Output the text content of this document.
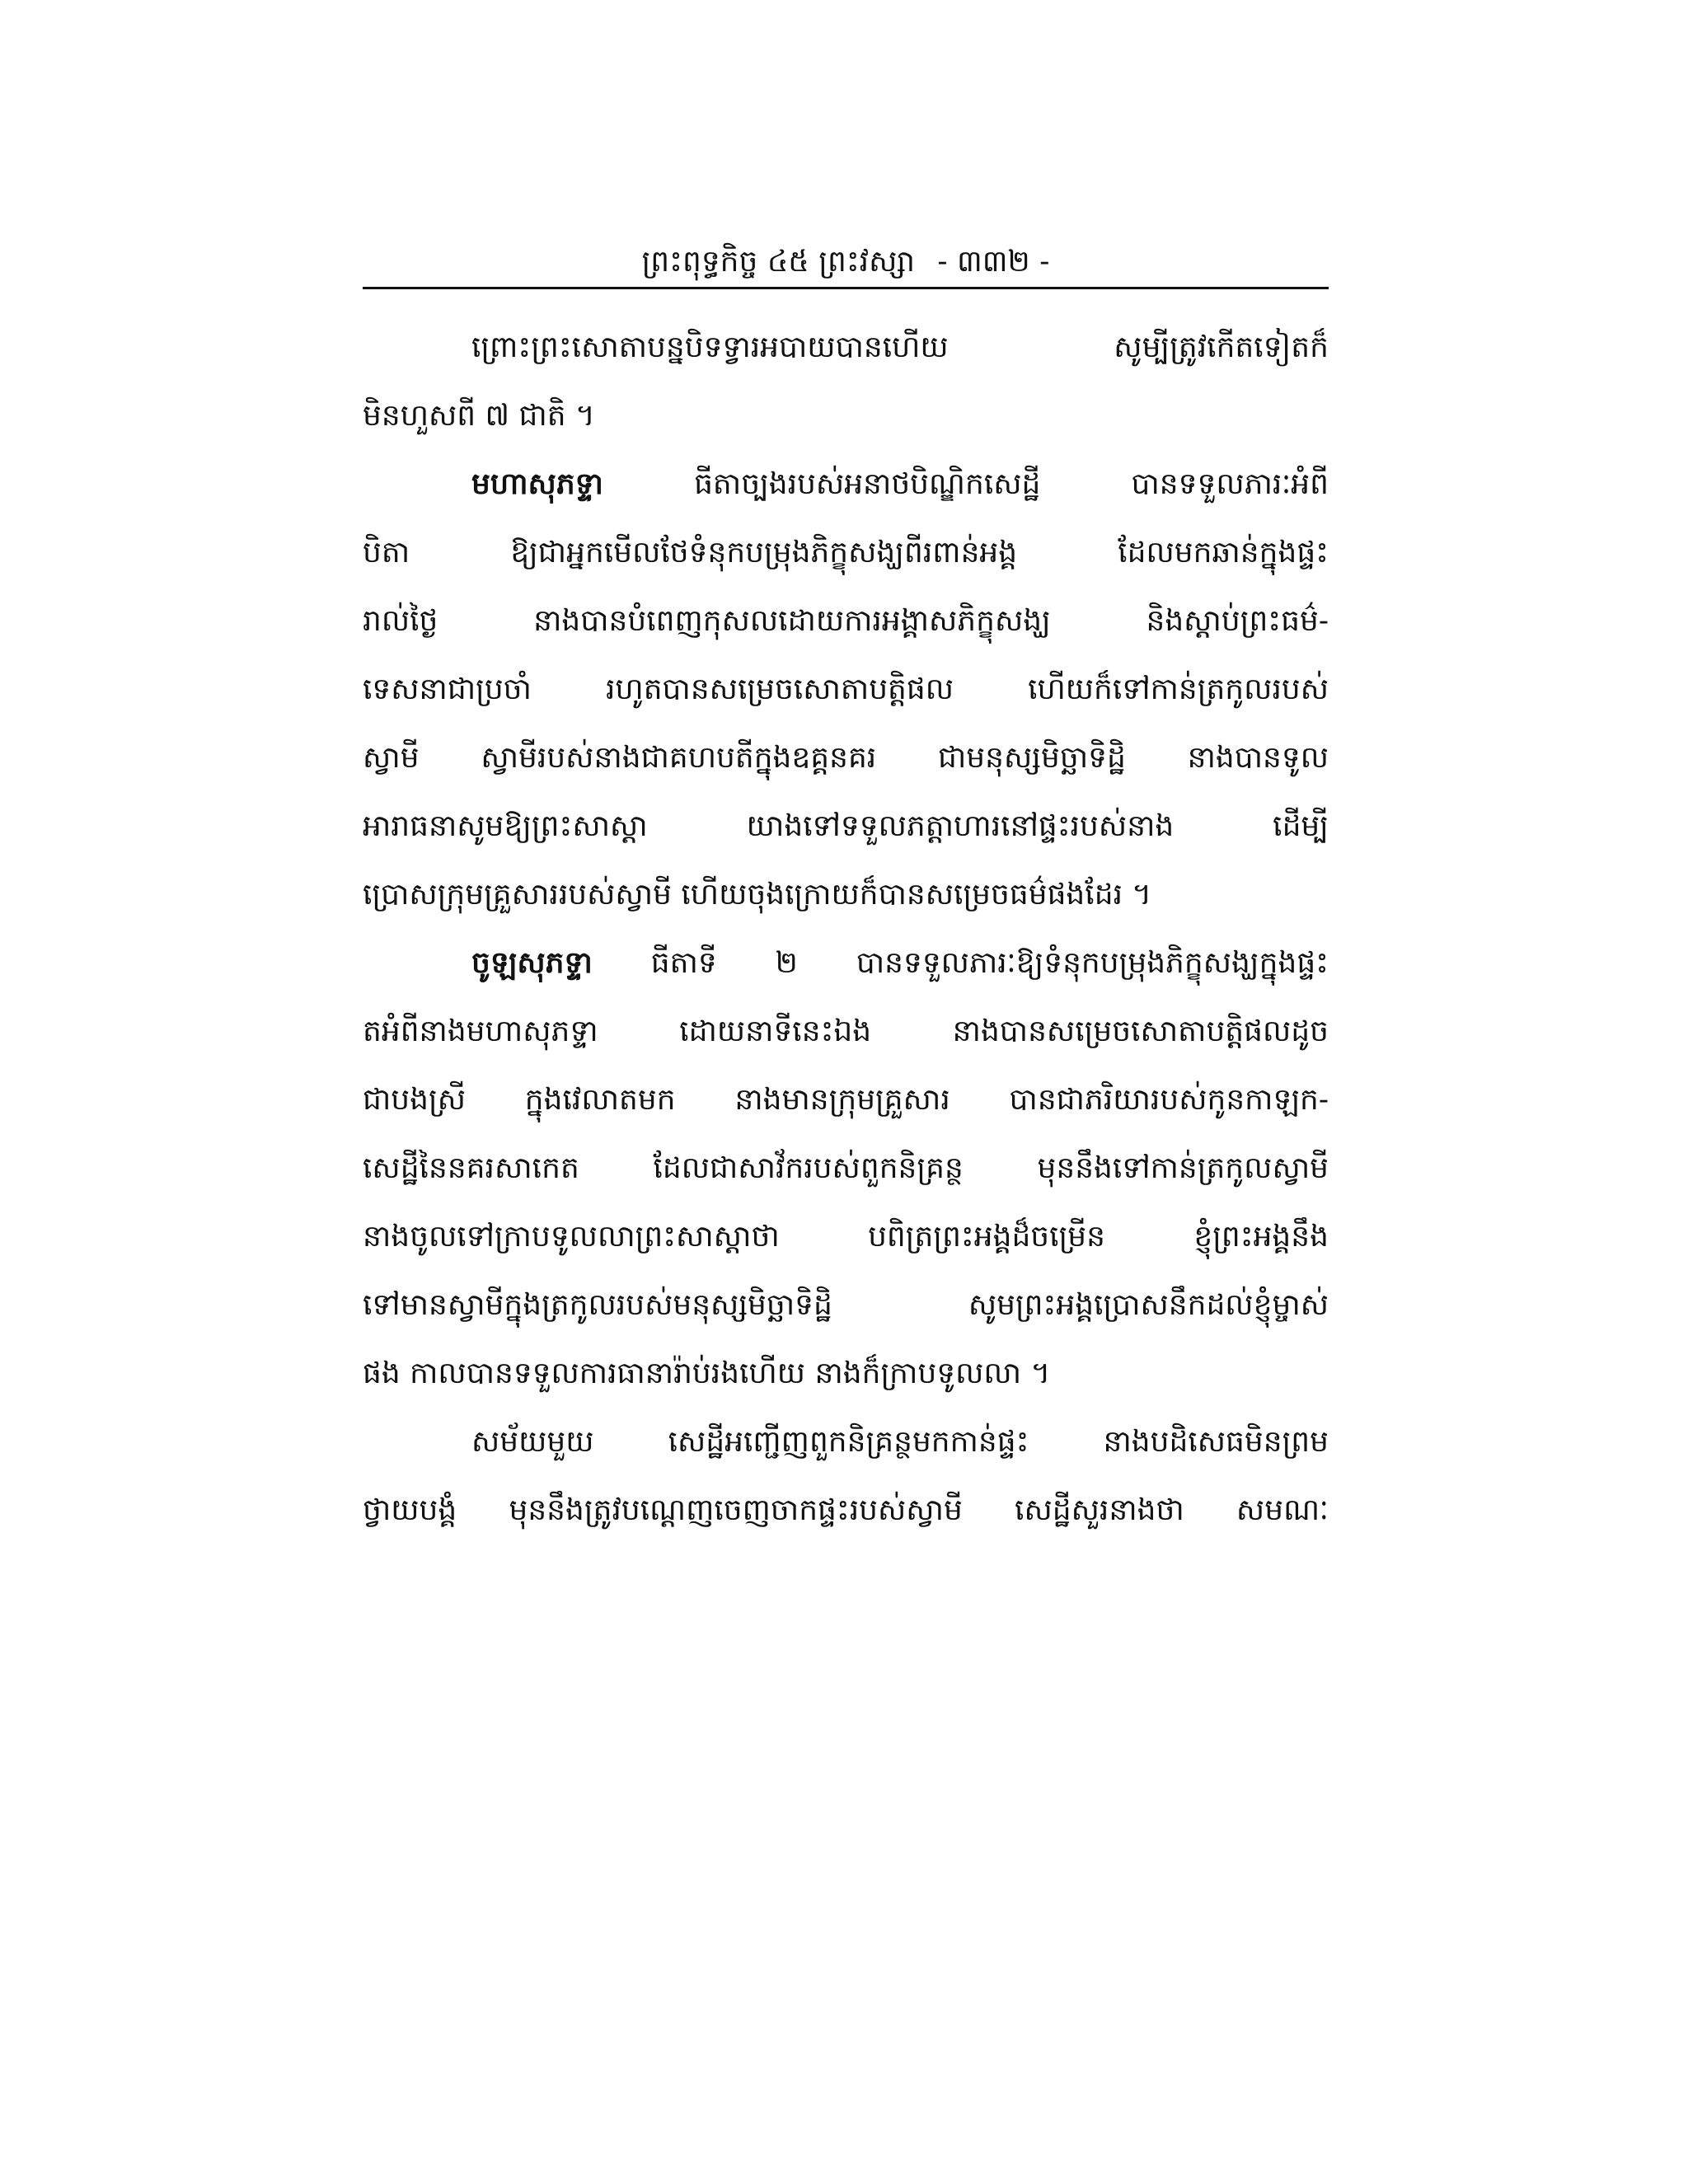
ព្រះពុទ្ធកិច្ច ៤៥ ព្រះវស្សា - ៣៣២ -
ព្រោះព្រះសោតាបន្នបិទទ្វារអបាយបានហើយ សូម្បីត្រូវកើតទៀតក៏
មិនហួសពី ៧ ជាតិ ។
មហាសុភទ្ទា ធីតាច្បងរបស់អនាថបិណ្ឌិកសេដ្ឋី បានទទួលភារៈអំពី
បិតា ឱ្យជាអ្នកមើលថែទំនុកបម្រុងភិក្ខុសង្ឃពីរពាន់អង្គ ដែលមកឆាន់ក្នុងផ្ទះ
រាល់ថ្ងៃ នាងបានបំពេញកុសលដោយការអង្គាសភិក្ខុសង្ឃ និងស្ដាប់ព្រះធម៌-
ទេសនាជាប្រចាំ រហូតបានសម្រេចសោតាបត្តិផល ហើយក៏ទៅកាន់ត្រកូលរបស់
ស្វាមី ស្វាមីរបស់នាងជាគហបតីក្នុងឧគ្គនគរ ជាមនុស្សមិច្ឆាទិដ្ឋិ នាងបានទូល
អារាធនាសូមឱ្យព្រះសាស្ដា យាងទៅទទួលភត្តាហារនៅផ្ទះរបស់នាង ដើម្បី
ប្រោសក្រុមគ្រួសាររបស់ស្វាមី ហើយចុងក្រោយក៏បានសម្រេចធម៌ផងដែរ ។
ចូឡសុភទ្ទា ធីតាទី ២ បានទទួលភារៈឱ្យទំនុកបម្រុងភិក្ខុសង្ឃក្នុងផ្ទះ
តអំពីនាងមហាសុភទ្ទា ដោយនាទីនេះឯង នាងបានសម្រេចសោតាបត្តិផលដូច
ជាបងស្រី ក្នុងវេលាតមក នាងមានក្រុមគ្រួសារ បានជាភរិយារបស់កូនកាឡក-
សេដ្ឋីនៃនគរសាកេត ដែលជាសាវ័ករបស់ពួកនិគ្រន្ថ មុននឹងទៅកាន់ត្រកូលស្វាមី
នាងចូលទៅក្រាបទូលលាព្រះសាស្ដាថា បពិត្រព្រះអង្គដ៏ចម្រើន ខ្ញុំព្រះអង្គនឹង
ទៅមានស្វាមីក្នុងត្រកូលរបស់មនុស្សមិច្ឆាទិដ្ឋិ សូមព្រះអង្គប្រោសនឹកដល់ខ្ញុំម្ចាស់
ផង កាលបានទទួលការធានារ៉ាប់រងហើយ នាងក៏ក្រាបទូលលា ។
សម័យមួយ សេដ្ឋីអញ្ជើញពួកនិគ្រន្ថមកកាន់ផ្ទះ នាងបដិសេធមិនព្រម
ថ្វាយបង្គំ មុននឹងត្រូវបណ្ដេញចេញចាកផ្ទះរបស់ស្វាមី សេដ្ឋីសួរនាងថា សមណៈ
